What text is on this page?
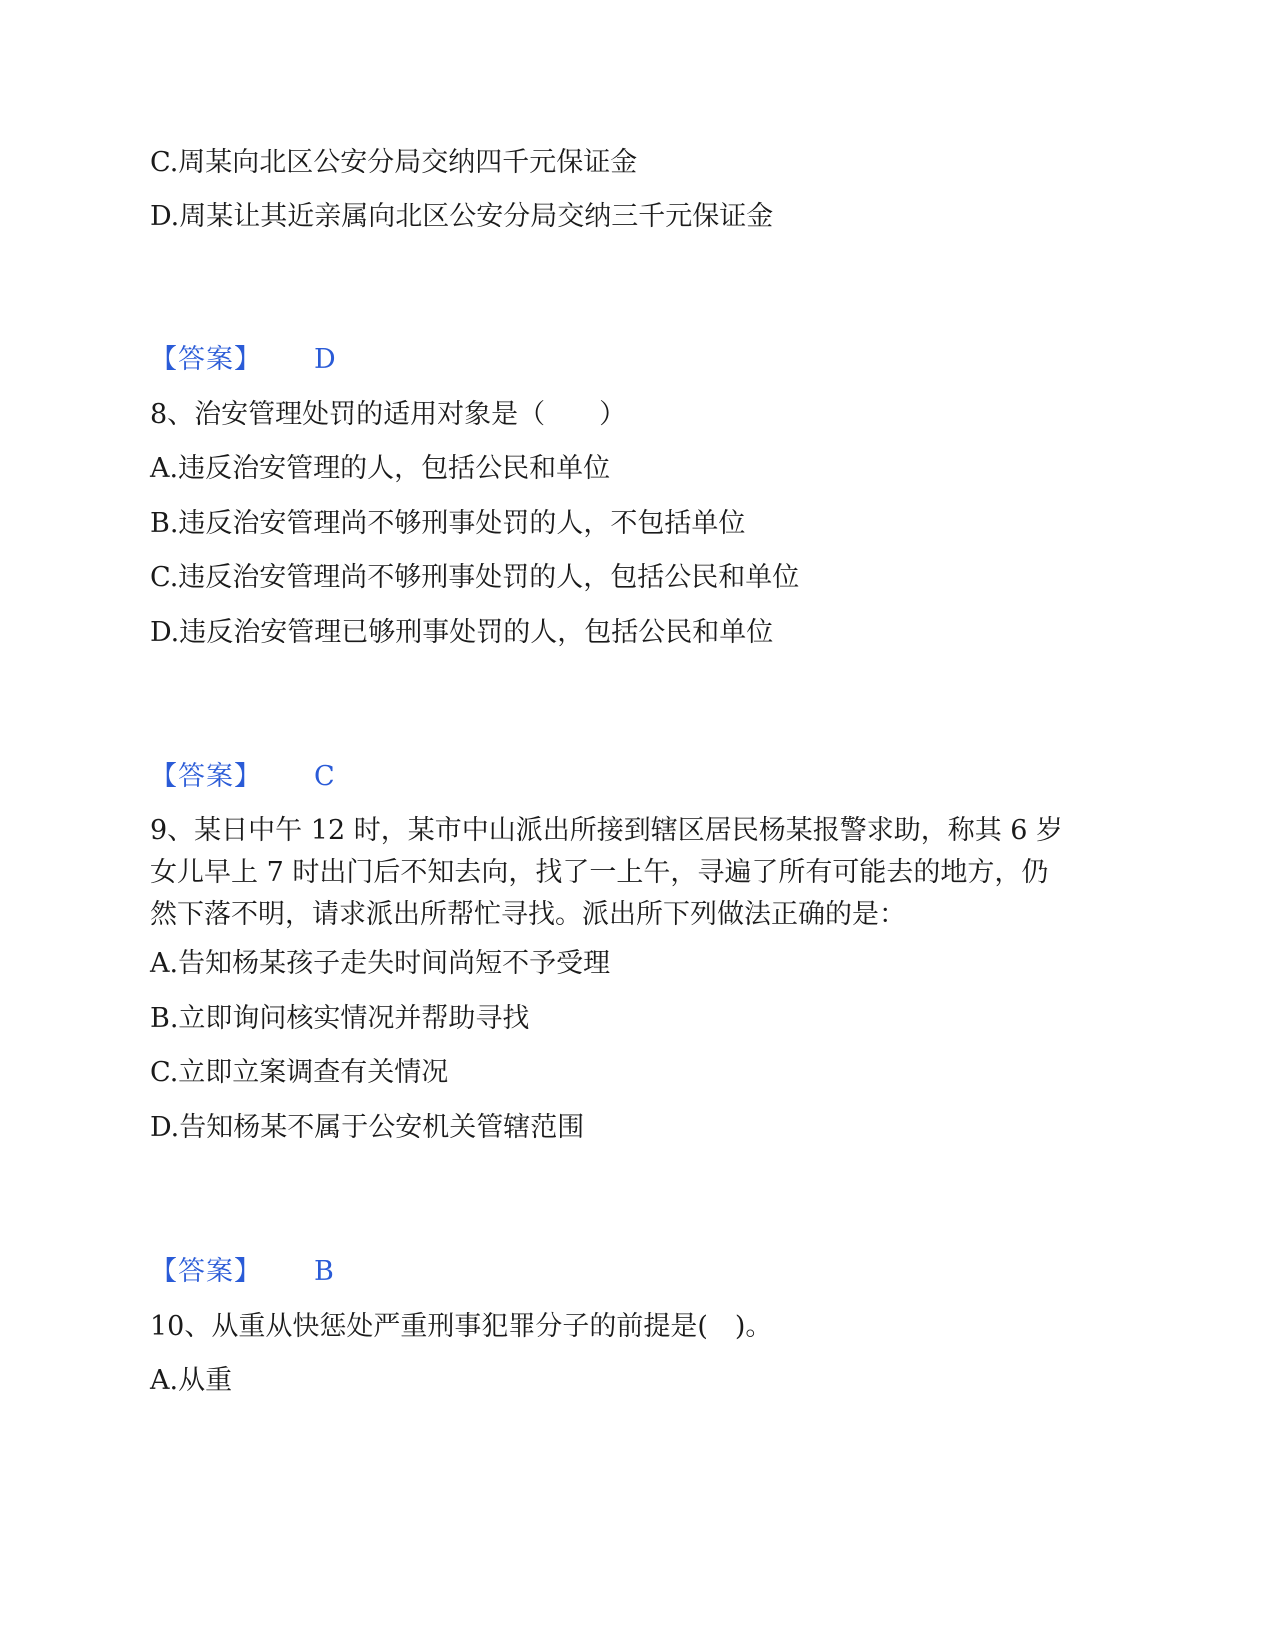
C.周某向北区公安分局交纳四千元保证金
D.周某让其近亲属向北区公安分局交纳三千元保证金
【答案】 D
8、治安管理处罚的适用对象是（　　）
A.违反治安管理的人，包括公民和单位
B.违反治安管理尚不够刑事处罚的人，不包括单位
C.违反治安管理尚不够刑事处罚的人，包括公民和单位
D.违反治安管理已够刑事处罚的人，包括公民和单位
【答案】 C
9、某日中午 12 时，某市中山派出所接到辖区居民杨某报警求助，称其 6 岁
女儿早上 7 时出门后不知去向，找了一上午，寻遍了所有可能去的地方，仍
然下落不明，请求派出所帮忙寻找。派出所下列做法正确的是：
A.告知杨某孩子走失时间尚短不予受理
B.立即询问核实情况并帮助寻找
C.立即立案调查有关情况
D.告知杨某不属于公安机关管辖范围
【答案】 B
10、从重从快惩处严重刑事犯罪分子的前提是(　)。
A.从重
